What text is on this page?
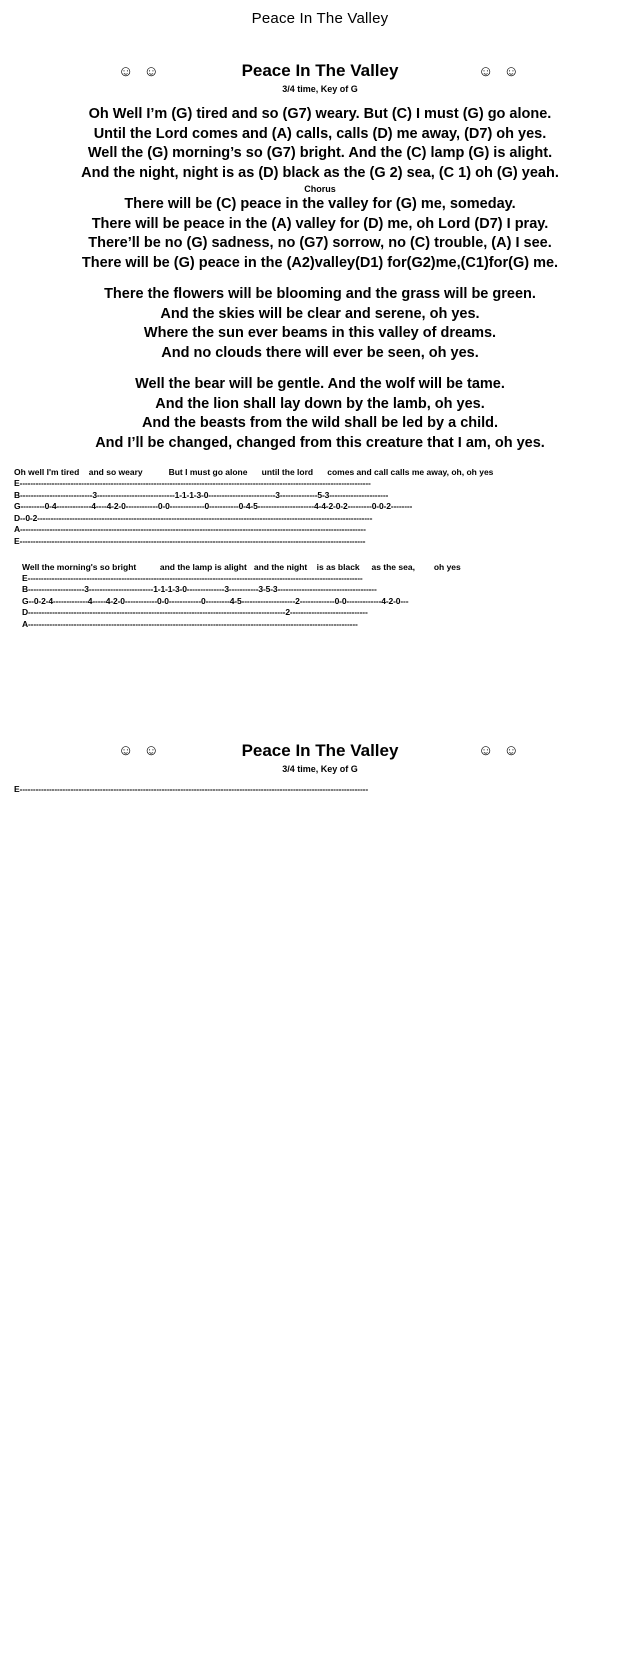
Peace In The Valley
☺ ☺	Peace In The Valley	☺ ☺
3/4 time, Key of G
Oh Well I’m (G) tired and so (G7) weary. But (C) I must (G) go alone.
Until the Lord comes and (A) calls, calls (D) me away, (D7) oh yes.
Well the (G) morning’s so (G7) bright. And the (C) lamp (G) is alight.
And the night, night is as (D) black as the (G 2) sea, (C 1) oh (G) yeah.
Chorus
There will be (C) peace in the valley for (G) me, someday.
There will be peace in the (A) valley for (D) me, oh Lord (D7) I pray.
There’ll be no (G) sadness, no (G7) sorrow, no (C) trouble, (A) I see.
There will be (G) peace in the (A2)valley(D1) for(G2)me,(C1)for(G) me.
There the flowers will be blooming and the grass will be green.
And the skies will be clear and serene, oh yes.
Where the sun ever beams in this valley of dreams.
And no clouds there will ever be seen, oh yes.
Well the bear will be gentle. And the wolf will be tame.
And the lion shall lay down by the lamb, oh yes.
And the beasts from the wild shall be led by a child.
And I’ll be changed, changed from this creature that I am, oh yes.
Oh well I'm tired    and so weary           But I must go alone      until the lord      comes and call calls me away, oh, oh yes
E-----------------------------------------------------------------------------------------------------------------------------------
B---------------------------3-----------------------------1-1-1-3-0-------------------------3--------------5-3----------------------
G---------0-4-------------4----4-2-0------------0-0-------------0-----------0-4-5---------------------4-4-2-0-2---------0-0-2--------
D--0-2-----------------------------------------------------------------------------------------------------------------------------
A---------------------------------------------------------------------------------------------------------------------------------
E---------------------------------------------------------------------------------------------------------------------------------
Well the morning's so bright          and the lamp is alight   and the night    is as black     as the sea,        oh yes
E-----------------------------------------------------------------------------------------------------------------------------
B---------------------3------------------------1-1-1-3-0--------------3-----------3-5-3-------------------------------------
G--0-2-4-------------4-----4-2-0------------0-0------------0---------4-5--------------------2-------------0-0-------------4-2-0---
D------------------------------------------------------------------------------------------------2-----------------------------
A---------------------------------------------------------------------------------------------------------------------------
☺ ☺	Peace In The Valley	☺ ☺
3/4 time, Key of G
E----------------------------------------------------------------------------------------------------------------------------------
